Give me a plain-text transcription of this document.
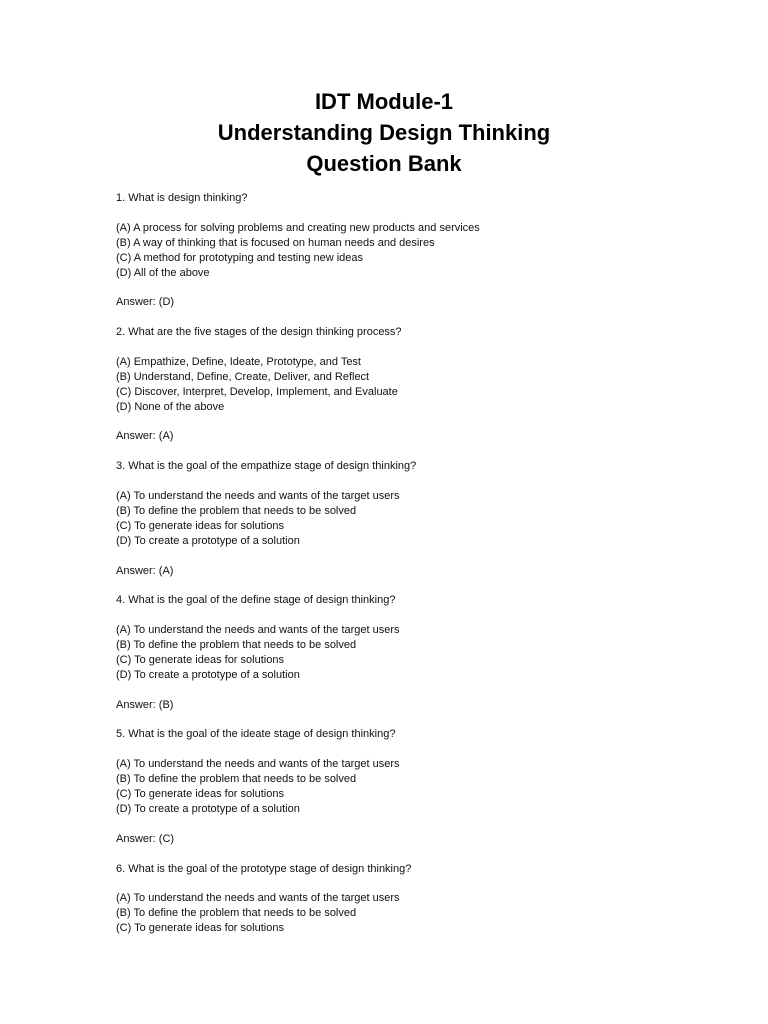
IDT Module-1
Understanding Design Thinking
Question Bank
1. What is design thinking?
(A) A process for solving problems and creating new products and services
(B) A way of thinking that is focused on human needs and desires
(C) A method for prototyping and testing new ideas
(D) All of the above
Answer: (D)
2. What are the five stages of the design thinking process?
(A) Empathize, Define, Ideate, Prototype, and Test
(B) Understand, Define, Create, Deliver, and Reflect
(C) Discover, Interpret, Develop, Implement, and Evaluate
(D) None of the above
Answer: (A)
3. What is the goal of the empathize stage of design thinking?
(A) To understand the needs and wants of the target users
(B) To define the problem that needs to be solved
(C) To generate ideas for solutions
(D) To create a prototype of a solution
Answer: (A)
4. What is the goal of the define stage of design thinking?
(A) To understand the needs and wants of the target users
(B) To define the problem that needs to be solved
(C) To generate ideas for solutions
(D) To create a prototype of a solution
Answer: (B)
5. What is the goal of the ideate stage of design thinking?
(A) To understand the needs and wants of the target users
(B) To define the problem that needs to be solved
(C) To generate ideas for solutions
(D) To create a prototype of a solution
Answer: (C)
6. What is the goal of the prototype stage of design thinking?
(A) To understand the needs and wants of the target users
(B) To define the problem that needs to be solved
(C) To generate ideas for solutions
